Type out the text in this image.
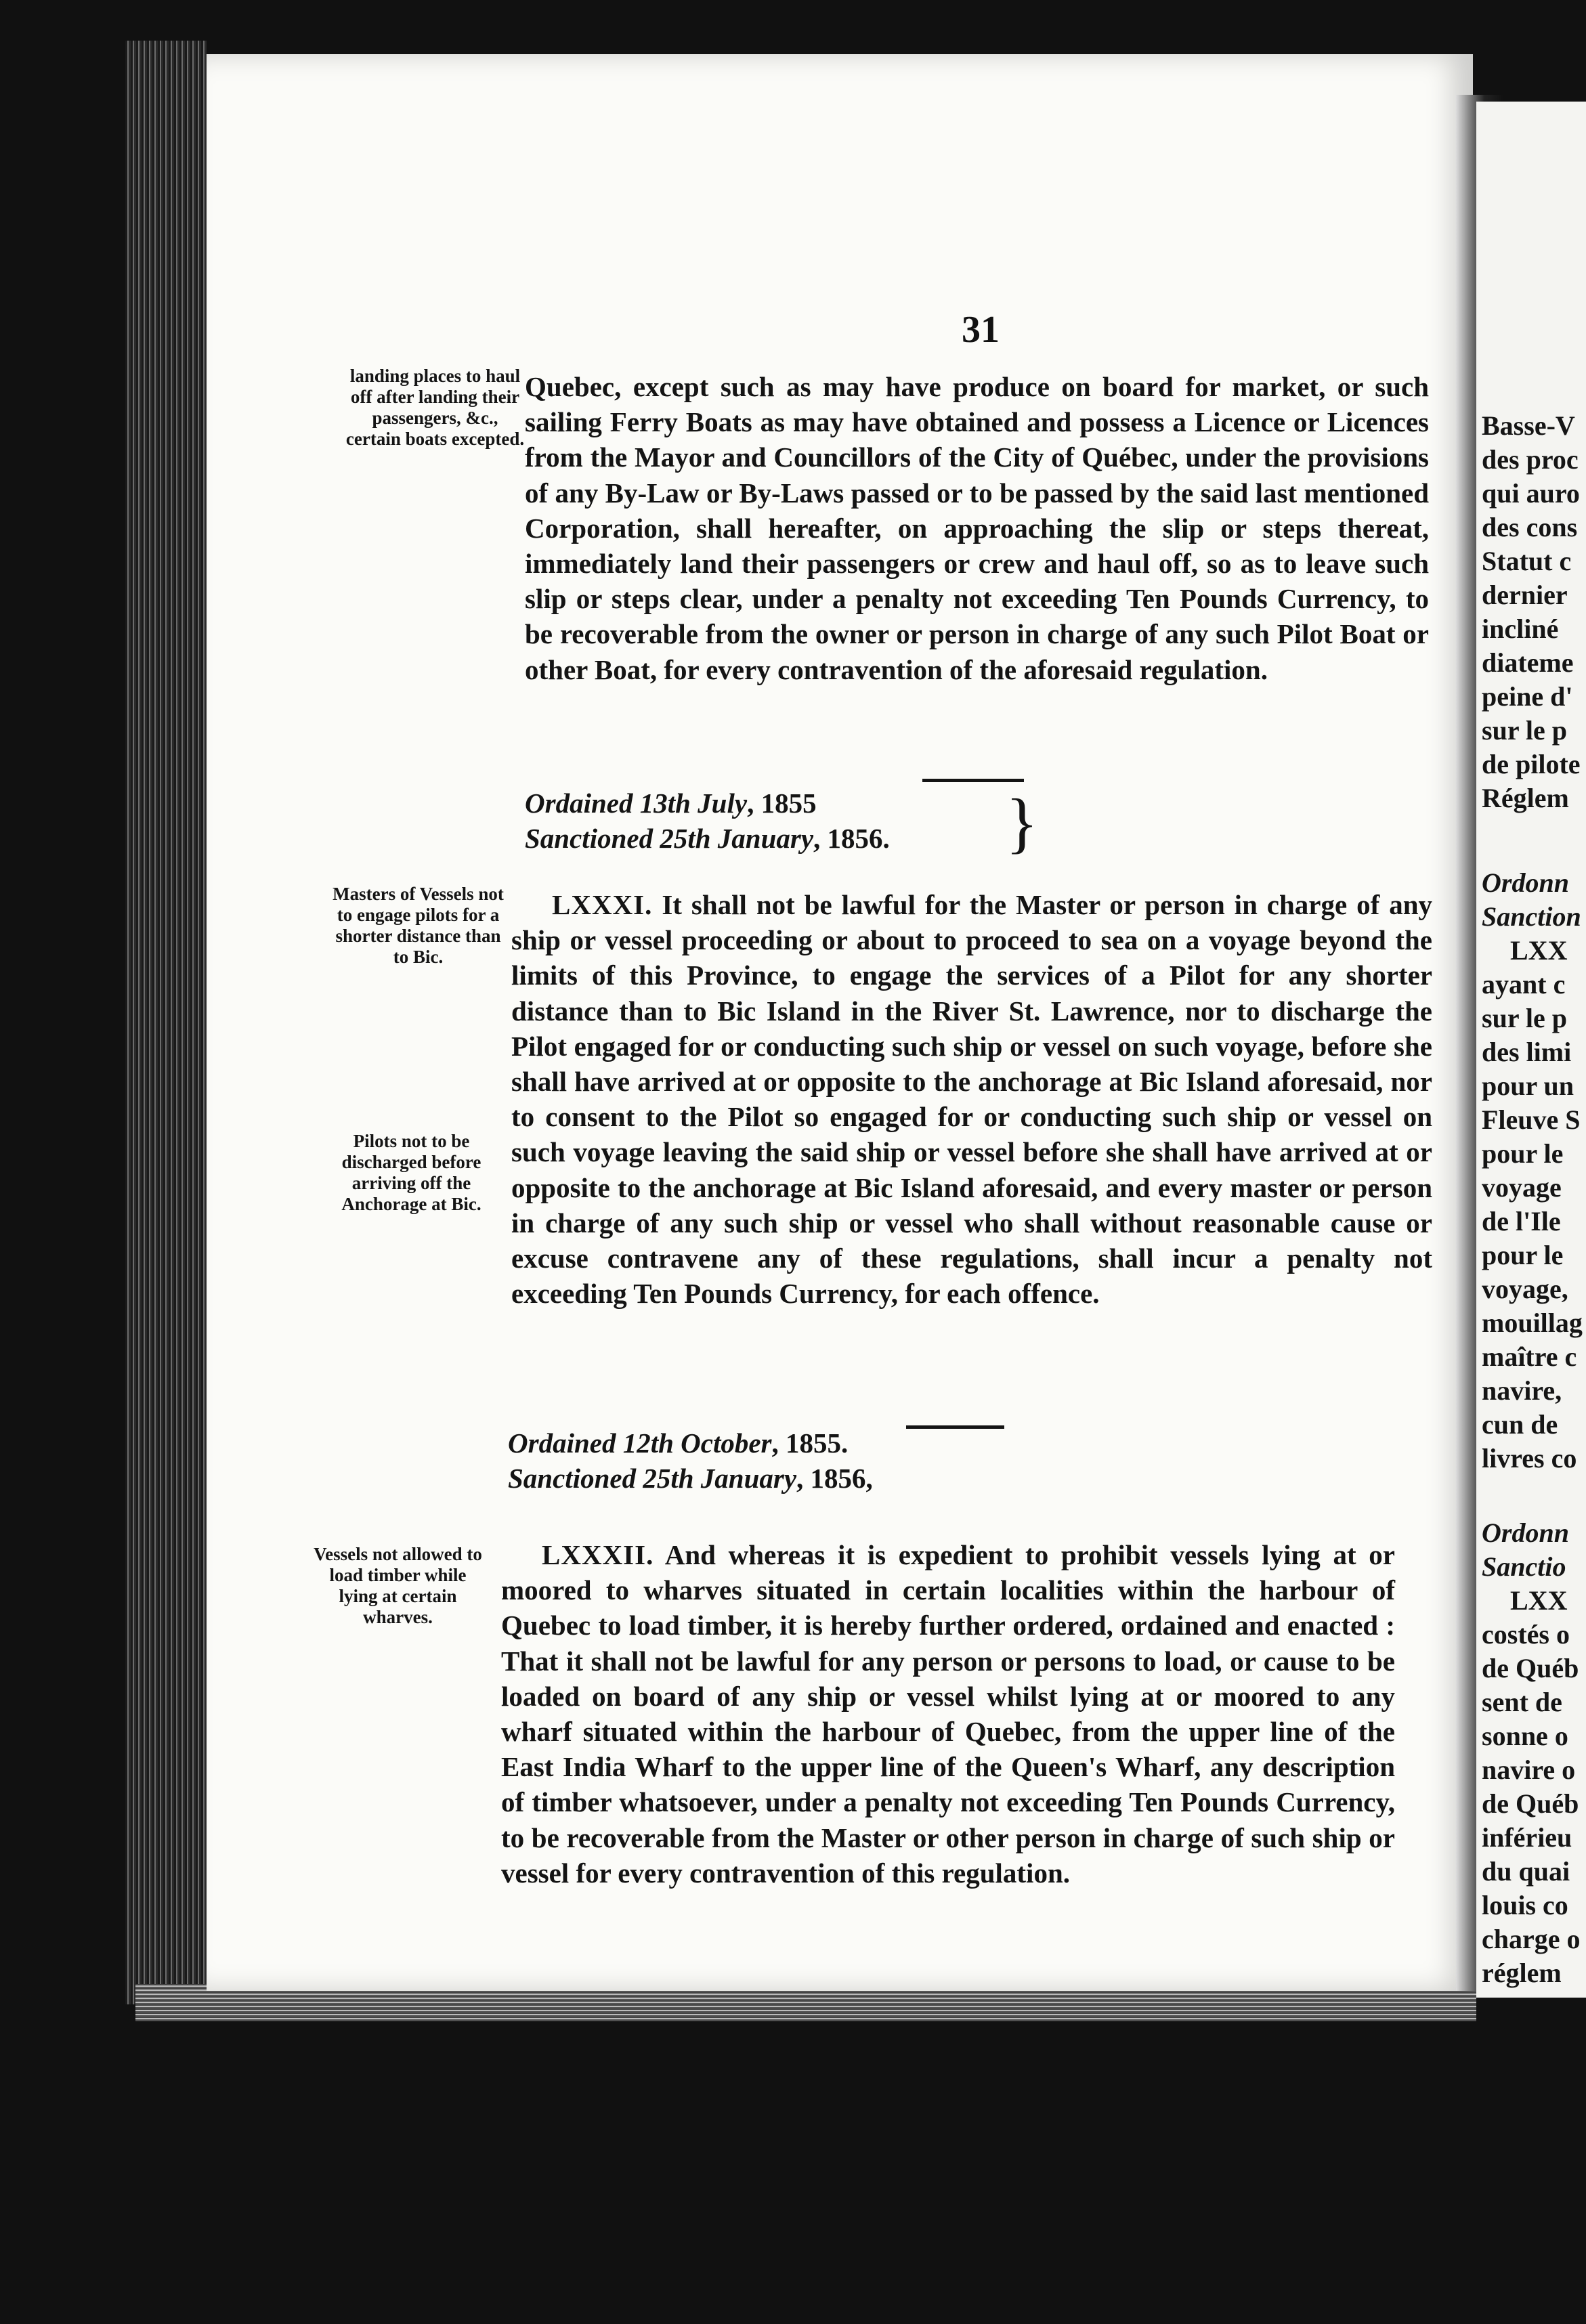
Basse-V
des proc
qui auro
des cons
Statut c
dernier
incliné
diateme
peine d'
sur le p
de pilote
Réglem
Ordonn
Sanction
LXX
ayant c
sur le p
des limi
pour un
Fleuve S
pour le
voyage
de l'Ile
pour le
voyage,
mouillag
maître c
navire,
cun de
livres co
Ordonn
Sanctio
LXX
costés o
de Québ
sent de
sonne o
navire o
de Québ
inférieu
du quai
louis co
charge o
réglem
31
landing places to haul off after landing their passengers, &c., certain boats excepted.
Masters of Vessels not to engage pilots for a shorter distance than to Bic.
Pilots not to be discharged before arriving off the Anchorage at Bic.
Vessels not allowed to load timber while lying at certain wharves.
Quebec, except such as may have produce on board for market, or such sailing Ferry Boats as may have obtained and possess a Licence or Licences from the Mayor and Councillors of the City of Québec, under the provisions of any By-Law or By-Laws passed or to be passed by the said last mentioned Corporation, shall hereafter, on approaching the slip or steps thereat, immediately land their passengers or crew and haul off, so as to leave such slip or steps clear, under a penalty not exceeding Ten Pounds Currency, to be recoverable from the owner or person in charge of any such Pilot Boat or other Boat, for every contravention of the aforesaid regulation.
Ordained 13th July, 1855
Sanctioned 25th January, 1856. }
LXXXI. It shall not be lawful for the Master or person in charge of any ship or vessel proceeding or about to proceed to sea on a voyage beyond the limits of this Province, to engage the services of a Pilot for any shorter distance than to Bic Island in the River St. Lawrence, nor to discharge the Pilot engaged for or conducting such ship or vessel on such voyage, before she shall have arrived at or opposite to the anchorage at Bic Island aforesaid, nor to consent to the Pilot so engaged for or conducting such ship or vessel on such voyage leaving the said ship or vessel before she shall have arrived at or opposite to the anchorage at Bic Island aforesaid, and every master or person in charge of any such ship or vessel who shall without reasonable cause or excuse contravene any of these regulations, shall incur a penalty not exceeding Ten Pounds Currency, for each offence.
Ordained 12th October, 1855.
Sanctioned 25th January, 1856,
LXXXII. And whereas it is expedient to prohibit vessels lying at or moored to wharves situated in certain localities within the harbour of Quebec to load timber, it is hereby further ordered, ordained and enacted : That it shall not be lawful for any person or persons to load, or cause to be loaded on board of any ship or vessel whilst lying at or moored to any wharf situated within the harbour of Quebec, from the upper line of the East India Wharf to the upper line of the Queen's Wharf, any description of timber whatsoever, under a penalty not exceeding Ten Pounds Currency, to be recoverable from the Master or other person in charge of such ship or vessel for every contravention of this regulation.
